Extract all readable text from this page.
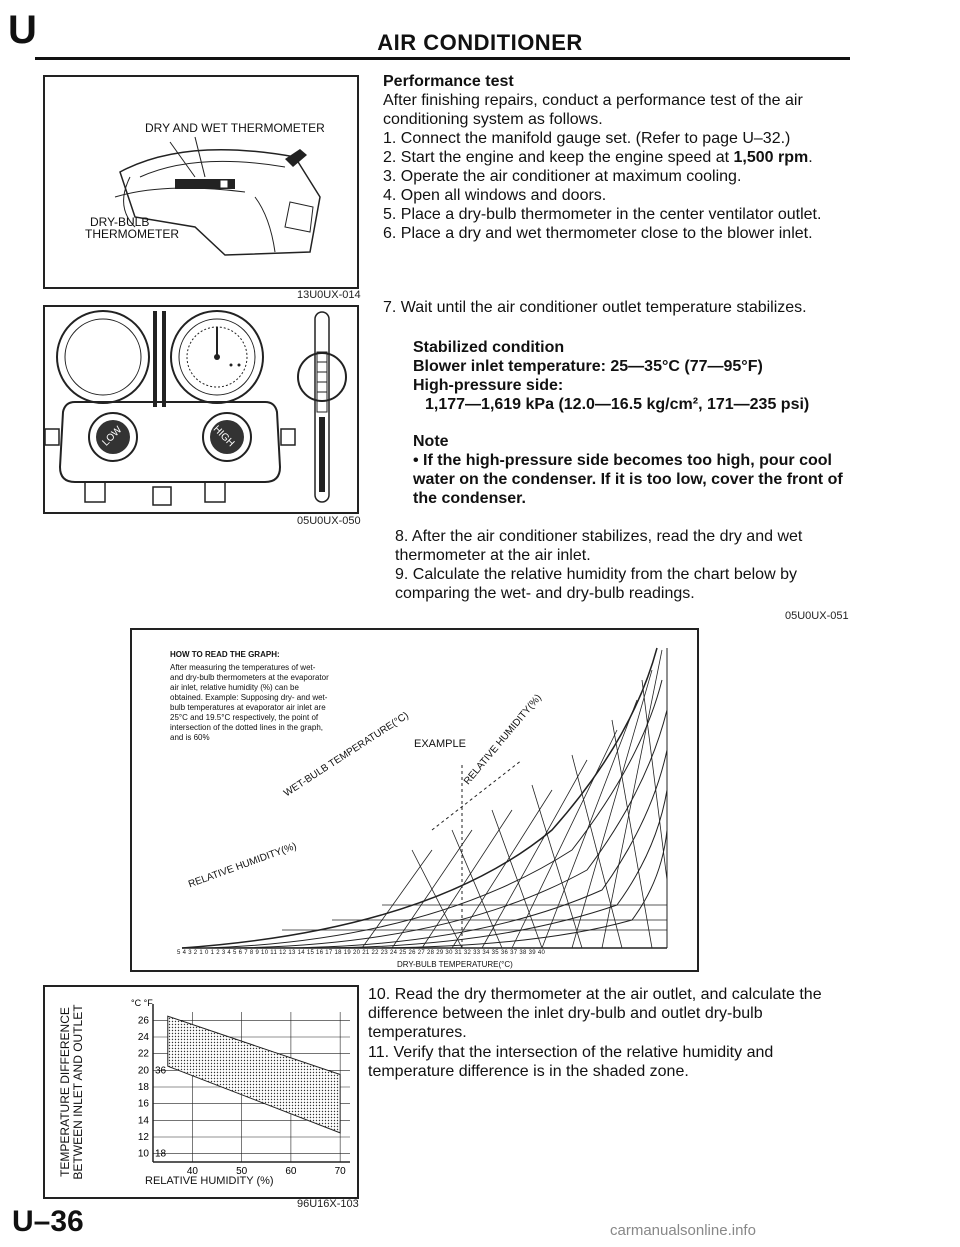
U	AIR CONDITIONER
DRY AND WET THERMOMETER
DRY-BULB
THERMOMETER
13U0UX-014
LOW	HIGH
05U0UX-050
Performance test
After finishing repairs, conduct a performance test of the air conditioning system as follows.
1. Connect the manifold gauge set. (Refer to page U–32.)
2. Start the engine and keep the engine speed at 1,500 rpm.
3. Operate the air conditioner at maximum cooling.
4. Open all windows and doors.
5. Place a dry-bulb thermometer in the center ventilator outlet.
6. Place a dry and wet thermometer close to the blower inlet.
7. Wait until the air conditioner outlet temperature stabilizes.
Stabilized condition
Blower inlet temperature: 25—35°C (77—95°F)
High-pressure side:
1,177—1,619 kPa (12.0—16.5 kg/cm², 171—235 psi)
Note
• If the high-pressure side becomes too high, pour cool water on the condenser. If it is too low, cover the front of the condenser.
8. After the air conditioner stabilizes, read the dry and wet thermometer at the air inlet.
9. Calculate the relative humidity from the chart below by comparing the wet- and dry-bulb readings.
05U0UX-051
HOW TO READ THE GRAPH:
After measuring the temperatures of wet- and dry-bulb thermometers at the evaporator air inlet, relative humidity (%) can be obtained. Example: Supposing dry- and wet-bulb temperatures at evaporator air inlet are 25°C and 19.5°C respectively, the point of intersection of the dotted lines in the graph, and is 60%
EXAMPLE
WET-BULB TEMPERATURE(°C)
RELATIVE HUMIDITY(%)
RELATIVE HUMIDITY(%)
5 4 3 2 1 0 1 2 3 4 5 6 7 8 9 10 11 12 13 14 15 16 17 18 19 20 21 22 23 24 25 26 27 28 29 30 31 32 33 34 35 36 37 38 39 40
DRY-BULB TEMPERATURE(°C)
TEMPERATURE DIFFERENCE BETWEEN INLET AND OUTLET	10
12
14
16
18
20
22
24
26
18
36
°C °F
40	50	60	70
RELATIVE HUMIDITY (%)
96U16X-103
10. Read the dry thermometer at the air outlet, and calculate the difference between the inlet dry-bulb and outlet dry-bulb temperatures.
11. Verify that the intersection of the relative humidity and temperature difference is in the shaded zone.
U–36	carmanualsonline.info
